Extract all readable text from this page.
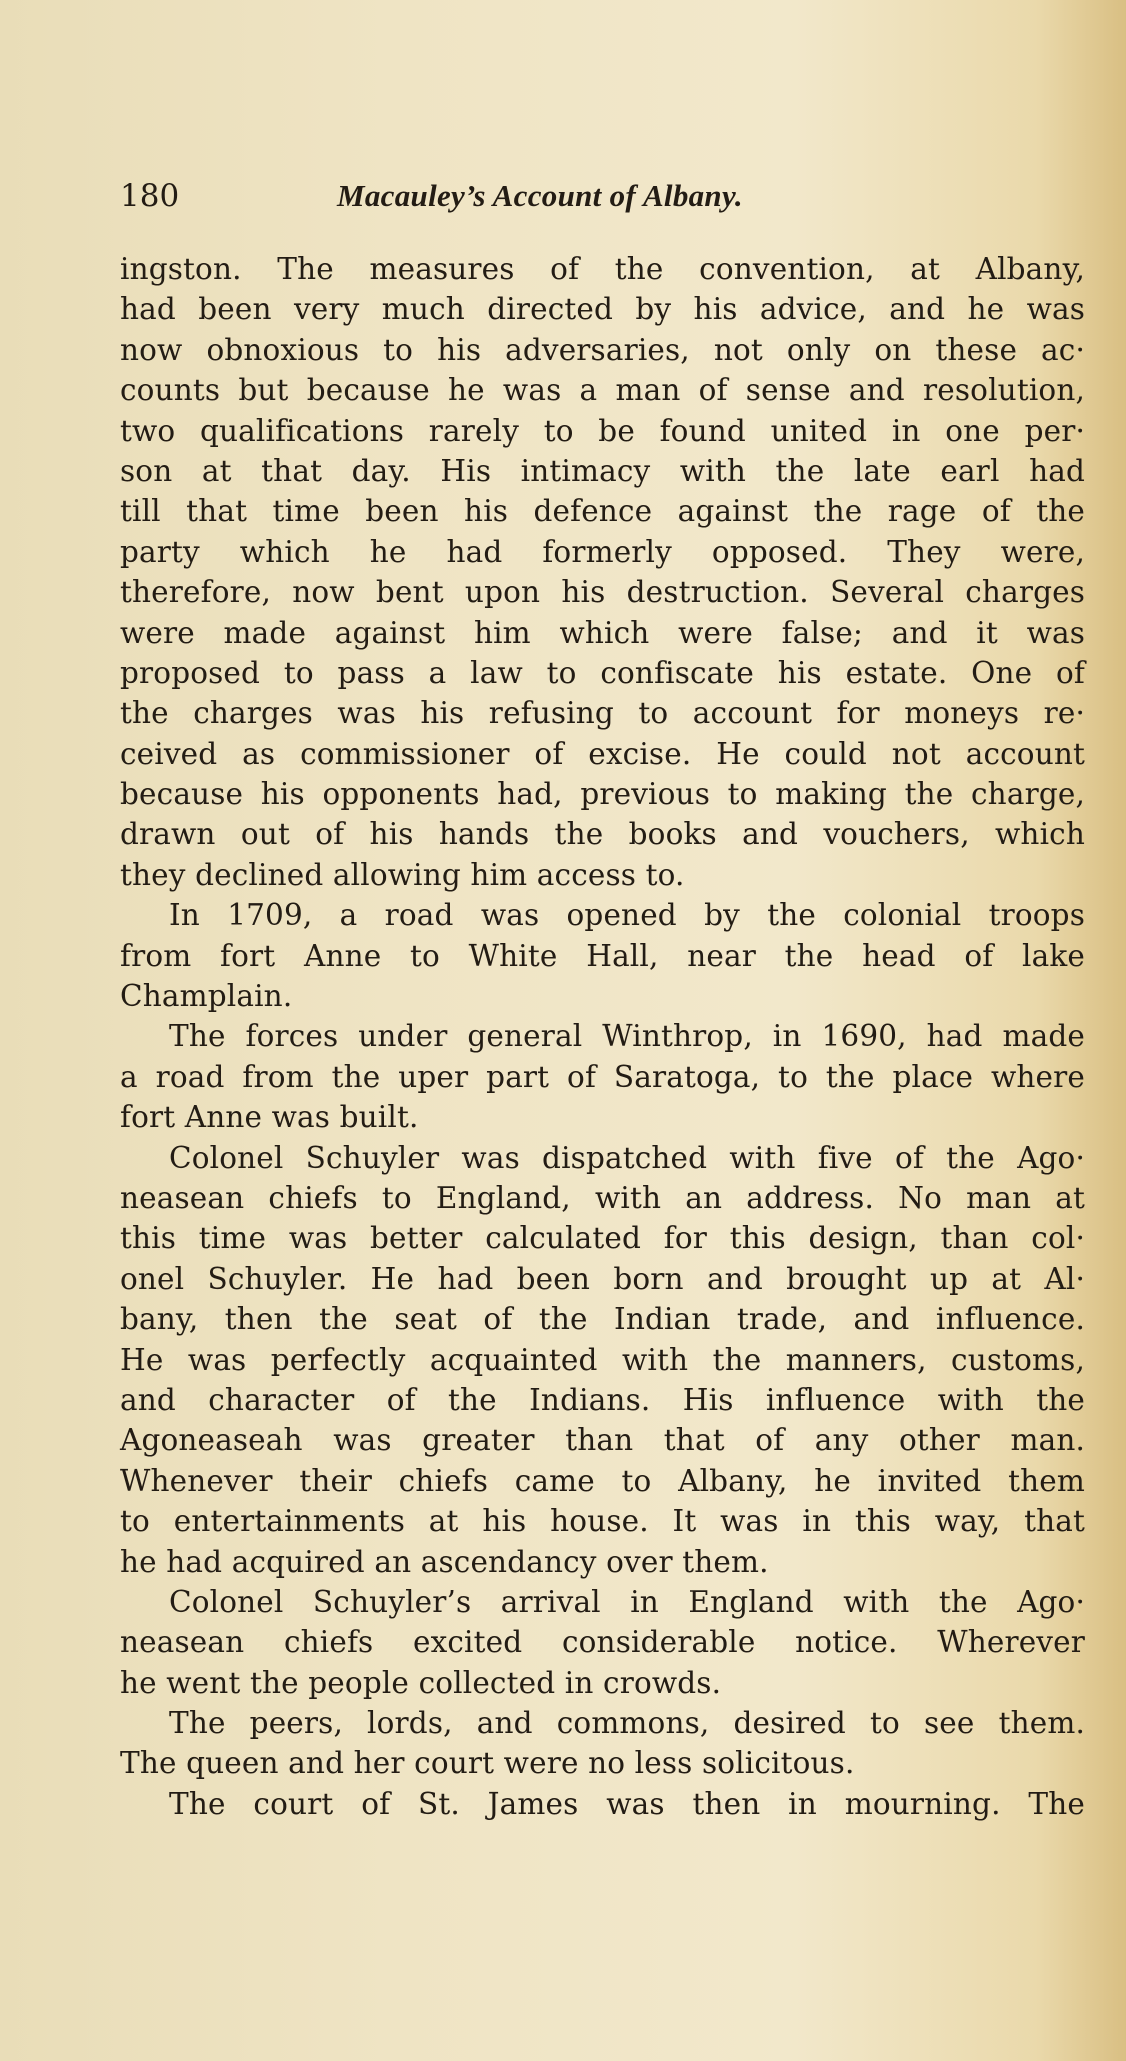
180	Macauley’s Account of Albany.
ingston. The measures of the convention, at Albany,
had been very much directed by his advice, and he was
now obnoxious to his adversaries, not only on these ac·
counts but because he was a man of sense and resolution,
two qualifications rarely to be found united in one per·
son at that day. His intimacy with the late earl had
till that time been his defence against the rage of the
party which he had formerly opposed. They were,
therefore, now bent upon his destruction. Several charges
were made against him which were false; and it was
proposed to pass a law to confiscate his estate. One of
the charges was his refusing to account for moneys re·
ceived as commissioner of excise. He could not account
because his opponents had, previous to making the charge,
drawn out of his hands the books and vouchers, which
they declined allowing him access to.
In 1709, a road was opened by the colonial troops
from fort Anne to White Hall, near the head of lake
Champlain.
The forces under general Winthrop, in 1690, had made
a road from the uper part of Saratoga, to the place where
fort Anne was built.
Colonel Schuyler was dispatched with five of the Ago·
neasean chiefs to England, with an address. No man at
this time was better calculated for this design, than col·
onel Schuyler. He had been born and brought up at Al·
bany, then the seat of the Indian trade, and influence.
He was perfectly acquainted with the manners, customs,
and character of the Indians. His influence with the
Agoneaseah was greater than that of any other man.
Whenever their chiefs came to Albany, he invited them
to entertainments at his house. It was in this way, that
he had acquired an ascendancy over them.
Colonel Schuyler’s arrival in England with the Ago·
neasean chiefs excited considerable notice. Wherever
he went the people collected in crowds.
The peers, lords, and commons, desired to see them.
The queen and her court were no less solicitous.
The court of St. James was then in mourning. The
